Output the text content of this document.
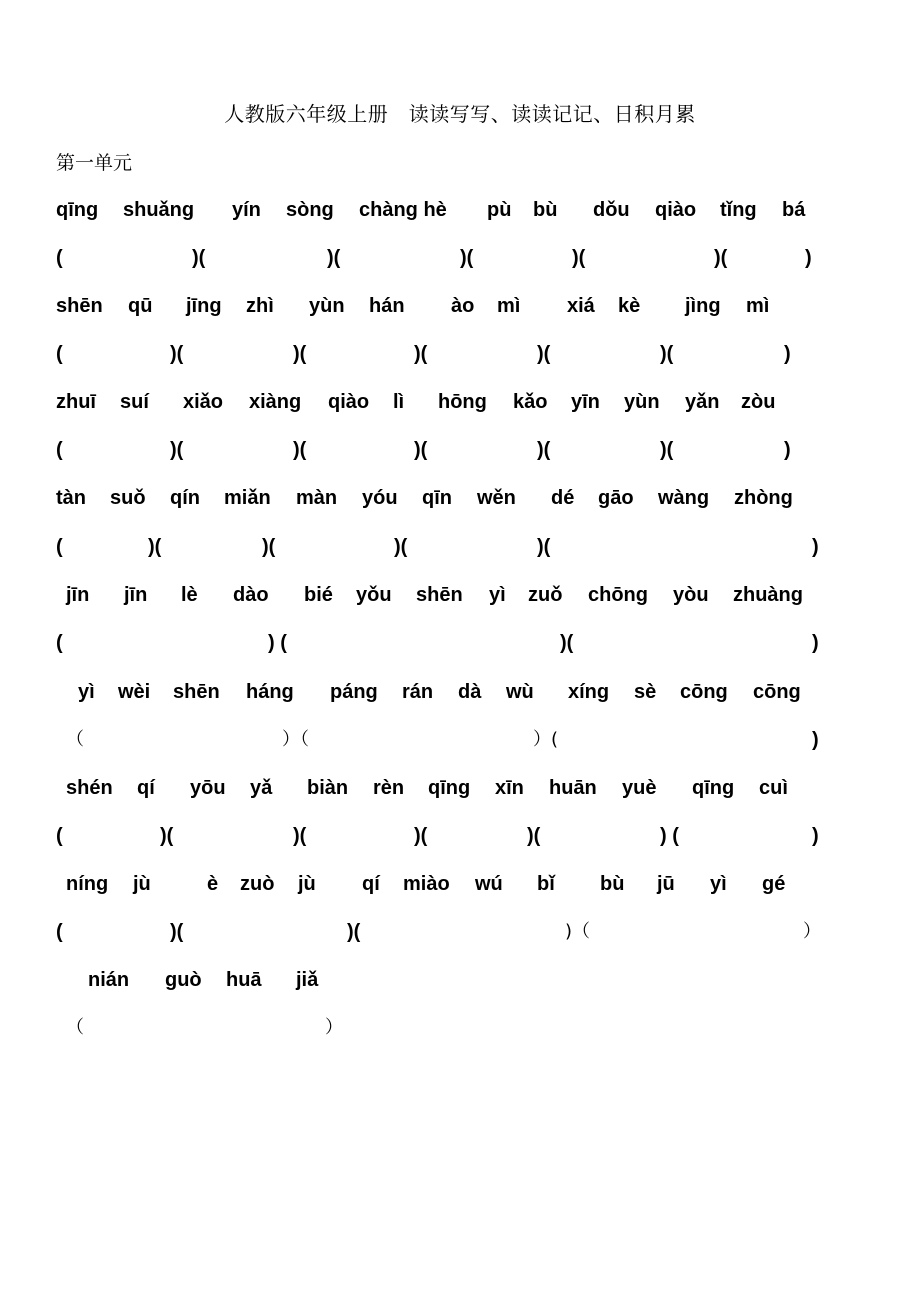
人教版六年级上册　读读写写、读读记记、日积月累
第一单元
qīng shuǎng yín sòng chàng hè pù bù dǒu qiào tǐng bá
(	)(	)(	)(	)(	)(	)
shēn qū jīng zhì yùn hán ào mì xiá kè jìng mì
(	)(	)(	)(	)(	)(	)
zhuī suí xiǎo xiàng qiào lì hōng kǎo yīn yùn yǎn zòu
(	)(	)(	)(	)(	)(	)
tàn suǒ qín miǎn màn yóu qīn wěn dé gāo wàng zhòng
(	)(	)(	)(	)(	)
jīn jīn lè dào bié yǒu shēn yì zuǒ chōng yòu zhuàng
(	) (	)(	)
yì wèi shēn háng páng rán dà wù xíng sè cōng cōng
（	）（	）(	)
shén qí yōu yǎ biàn rèn qīng xīn huān yuè qīng cuì
(	)(	)(	)(	)(	) (	)
níng jù	è zuò jù qí miào wú bǐ bù jū yì gé
(	)(	)(	)（	）
nián guò huā jiǎ
（	）
